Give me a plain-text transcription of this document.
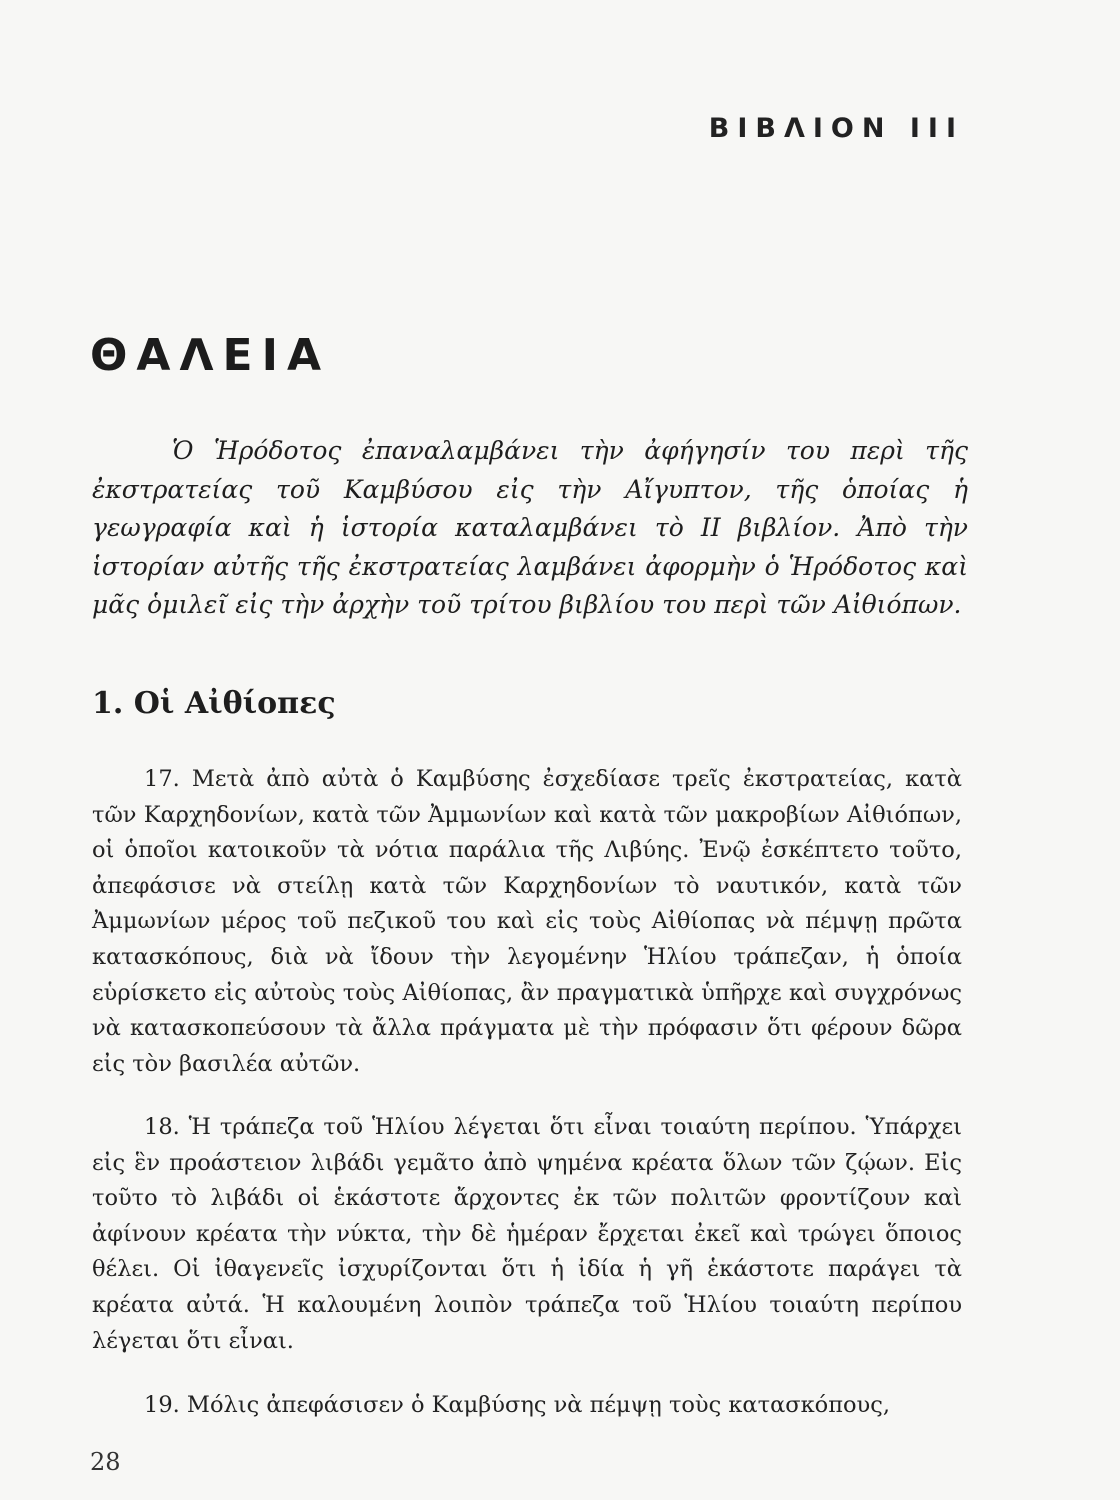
ΒΙΒΛΙΟΝ ΙΙΙ
ΘΑΛΕΙΑ

Ὁ Ἡρόδοτος ἐπαναλαμβάνει τὴν ἀφήγησίν του περὶ τῆς ἐκστρατείας τοῦ Καμβύσου εἰς τὴν Αἴγυπτον, τῆς ὁποίας ἡ γεωγραφία καὶ ἡ ἱστορία καταλαμβάνει τὸ ΙΙ βιβλίον. Ἀπὸ τὴν ἱστορίαν αὐτῆς τῆς ἐκστρατείας λαμβάνει ἀφορμὴν ὁ Ἡρόδοτος καὶ μᾶς ὁμιλεῖ εἰς τὴν ἀρχὴν τοῦ τρίτου βιβλίου του περὶ τῶν Αἰθιόπων.

1. Οἱ Αἰθίοπες

17. Μετὰ ἀπὸ αὐτὰ ὁ Καμβύσης ἐσχεδίασε τρεῖς ἐκστρατείας, κατὰ τῶν Καρχηδονίων, κατὰ τῶν Ἀμμωνίων καὶ κατὰ τῶν μακροβίων Αἰθιόπων, οἱ ὁποῖοι κατοικοῦν τὰ νότια παράλια τῆς Λιβύης. Ἐνῷ ἐσκέπτετο τοῦτο, ἀπεφάσισε νὰ στείλῃ κατὰ τῶν Καρχηδονίων τὸ ναυτικόν, κατὰ τῶν Ἀμμωνίων μέρος τοῦ πεζικοῦ του καὶ εἰς τοὺς Αἰθίοπας νὰ πέμψῃ πρῶτα κατασκόπους, διὰ νὰ ἴδουν τὴν λεγομένην Ἡλίου τράπεζαν, ἡ ὁποία εὑρίσκετο εἰς αὐτοὺς τοὺς Αἰθίοπας, ἂν πραγματικὰ ὑπῆρχε καὶ συγχρόνως νὰ κατασκοπεύσουν τὰ ἄλλα πράγματα μὲ τὴν πρόφασιν ὅτι φέρουν δῶρα εἰς τὸν βασιλέα αὐτῶν.

18. Ἡ τράπεζα τοῦ Ἡλίου λέγεται ὅτι εἶναι τοιαύτη περίπου. Ὑπάρχει εἰς ἓν προάστειον λιβάδι γεμᾶτο ἀπὸ ψημένα κρέατα ὅλων τῶν ζῴων. Εἰς τοῦτο τὸ λιβάδι οἱ ἑκάστοτε ἄρχοντες ἐκ τῶν πολιτῶν φροντίζουν καὶ ἀφίνουν κρέατα τὴν νύκτα, τὴν δὲ ἡμέραν ἔρχεται ἐκεῖ καὶ τρώγει ὅποιος θέλει. Οἱ ἰθαγενεῖς ἰσχυρίζονται ὅτι ἡ ἰδία ἡ γῆ ἑκάστοτε παράγει τὰ κρέατα αὐτά. Ἡ καλουμένη λοιπὸν τράπεζα τοῦ Ἡλίου τοιαύτη περίπου λέγεται ὅτι εἶναι.

19. Μόλις ἀπεφάσισεν ὁ Καμβύσης νὰ πέμψῃ τοὺς κατασκόπους,

28
